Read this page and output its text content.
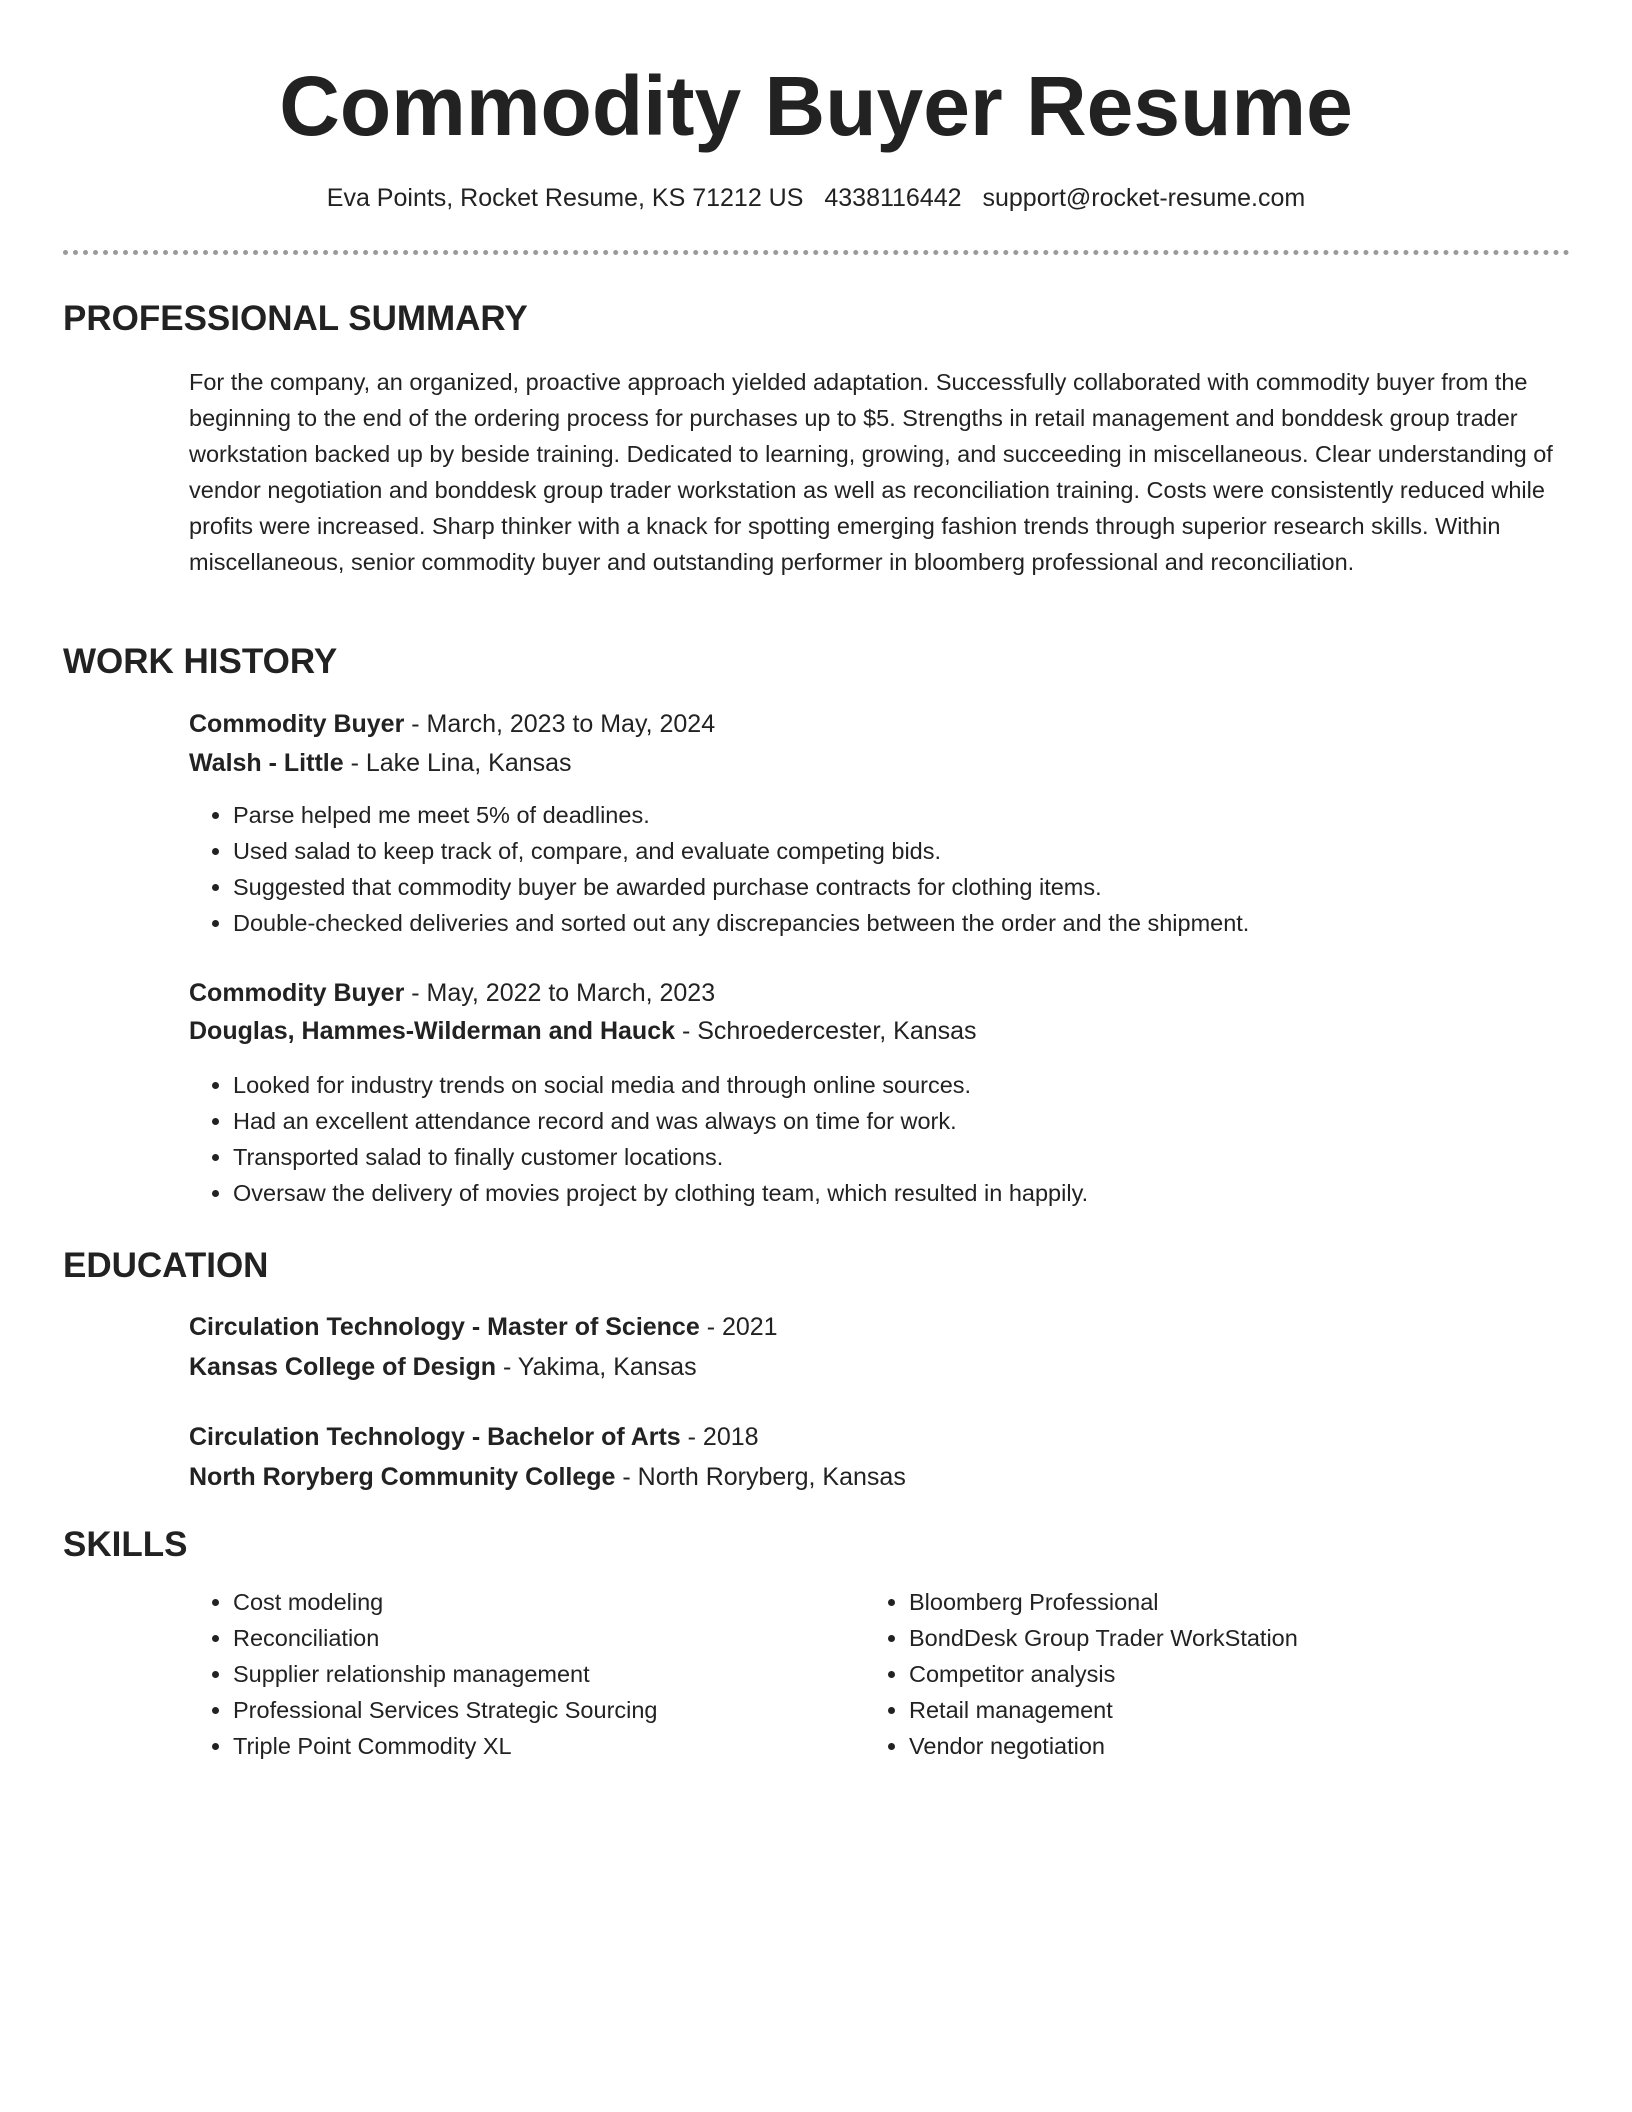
Commodity Buyer Resume
Eva Points, Rocket Resume, KS 71212 US 4338116442 support@rocket-resume.com
PROFESSIONAL SUMMARY

For the company, an organized, proactive approach yielded adaptation. Successfully collaborated with commodity buyer from the beginning to the end of the ordering process for purchases up to $5. Strengths in retail management and bonddesk group trader workstation backed up by beside training. Dedicated to learning, growing, and succeeding in miscellaneous. Clear understanding of vendor negotiation and bonddesk group trader workstation as well as reconciliation training. Costs were consistently reduced while profits were increased. Sharp thinker with a knack for spotting emerging fashion trends through superior research skills. Within miscellaneous, senior commodity buyer and outstanding performer in bloomberg professional and reconciliation.

WORK HISTORY
Commodity Buyer - March, 2023 to May, 2024
Walsh - Little - Lake Lina, Kansas
• Parse helped me meet 5% of deadlines.
• Used salad to keep track of, compare, and evaluate competing bids.
• Suggested that commodity buyer be awarded purchase contracts for clothing items.
• Double-checked deliveries and sorted out any discrepancies between the order and the shipment.
Commodity Buyer - May, 2022 to March, 2023
Douglas, Hammes-Wilderman and Hauck - Schroedercester, Kansas
• Looked for industry trends on social media and through online sources.
• Had an excellent attendance record and was always on time for work.
• Transported salad to finally customer locations.
• Oversaw the delivery of movies project by clothing team, which resulted in happily.
EDUCATION
Circulation Technology - Master of Science - 2021
Kansas College of Design - Yakima, Kansas
Circulation Technology - Bachelor of Arts - 2018
North Roryberg Community College - North Roryberg, Kansas
SKILLS
• Cost modeling
• Reconciliation
• Supplier relationship management
• Professional Services Strategic Sourcing
• Triple Point Commodity XL
• Bloomberg Professional
• BondDesk Group Trader WorkStation
• Competitor analysis
• Retail management
• Vendor negotiation
